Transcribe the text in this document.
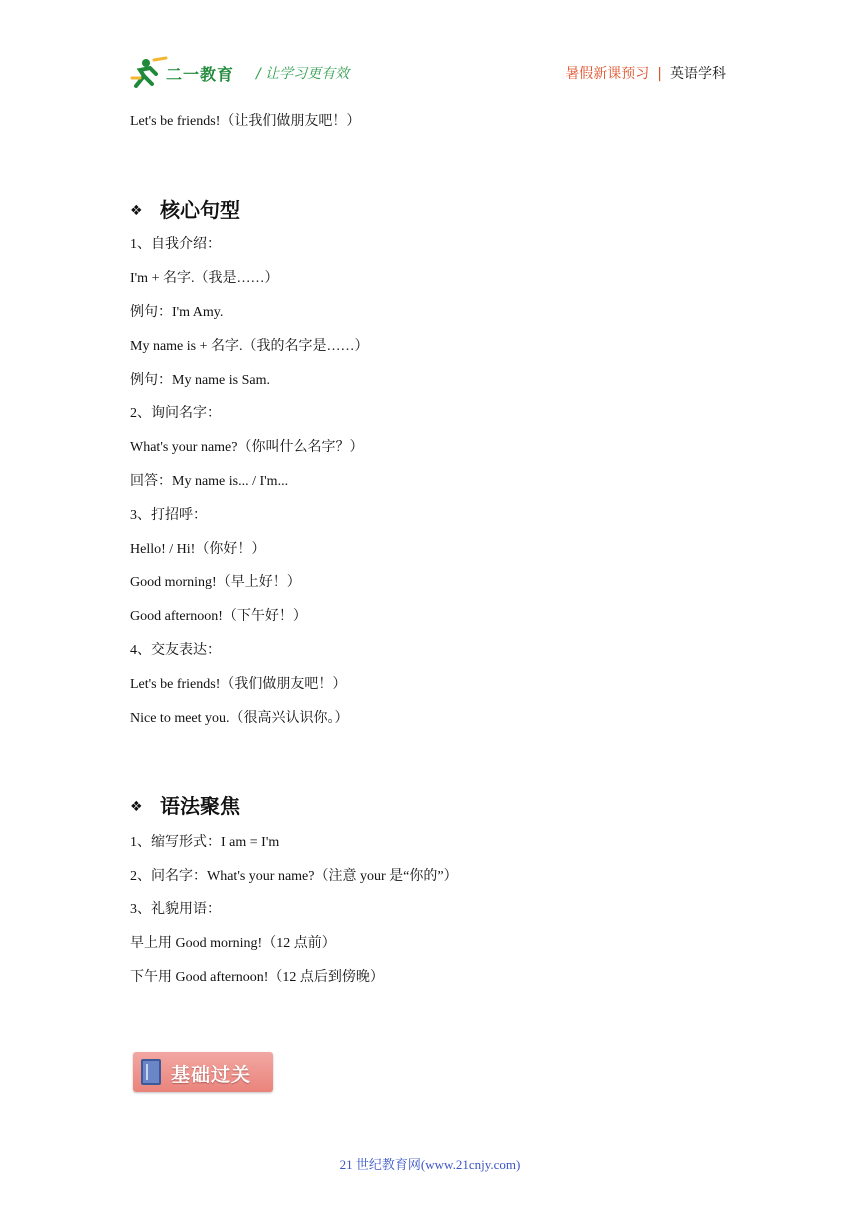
二一教育 / 让学习更有效	暑假新课预习 | 英语学科
Let's be friends!（让我们做朋友吧！）
❖ 核心句型
1、自我介绍：
I'm + 名字.（我是……）
例句：I'm Amy.
My name is + 名字.（我的名字是……）
例句：My name is Sam.
2、询问名字：
What's your name?（你叫什么名字？）
回答：My name is... / I'm...
3、打招呼：
Hello! / Hi!（你好！）
Good morning!（早上好！）
Good afternoon!（下午好！）
4、交友表达：
Let's be friends!（我们做朋友吧！）
Nice to meet you.（很高兴认识你。）
❖ 语法聚焦
1、缩写形式：I am = I'm
2、问名字：What's your name?（注意 your 是“你的”）
3、礼貌用语：
早上用 Good morning!（12 点前）
下午用 Good afternoon!（12 点后到傍晚）
基础过关
21 世纪教育网(www.21cnjy.com)
